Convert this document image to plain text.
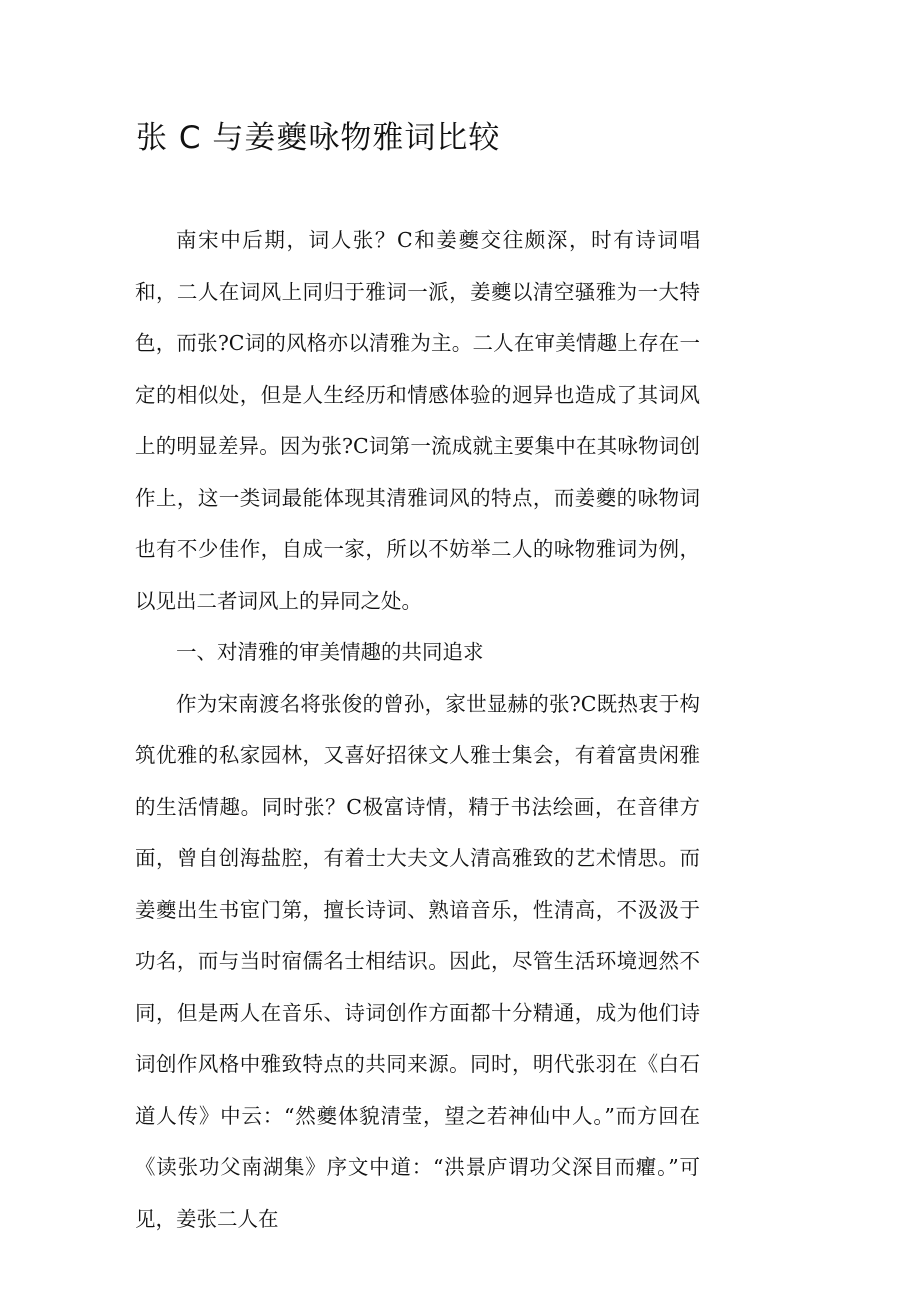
张 C 与姜夔咏物雅词比较

南宋中后期，词人张？C和姜夔交往颇深，时有诗词唱和，二人在词风上同归于雅词一派，姜夔以清空骚雅为一大特色，而张?C词的风格亦以清雅为主。二人在审美情趣上存在一定的相似处，但是人生经历和情感体验的迥异也造成了其词风上的明显差异。因为张?C词第一流成就主要集中在其咏物词创作上，这一类词最能体现其清雅词风的特点，而姜夔的咏物词也有不少佳作，自成一家，所以不妨举二人的咏物雅词为例，以见出二者词风上的异同之处。

一、对清雅的审美情趣的共同追求

作为宋南渡名将张俊的曾孙，家世显赫的张?C既热衷于构筑优雅的私家园林，又喜好招徕文人雅士集会，有着富贵闲雅的生活情趣。同时张？C极富诗情，精于书法绘画，在音律方面，曾自创海盐腔，有着士大夫文人清高雅致的艺术情思。而姜夔出生书宦门第，擅长诗词、熟谙音乐，性清高，不汲汲于功名，而与当时宿儒名士相结识。因此，尽管生活环境迥然不同，但是两人在音乐、诗词创作方面都十分精通，成为他们诗词创作风格中雅致特点的共同来源。同时，明代张羽在《白石道人传》中云：“然夔体貌清莹，望之若神仙中人。”而方回在《读张功父南湖集》序文中道：“洪景庐谓功父深目而癯。”可见，姜张二人在
